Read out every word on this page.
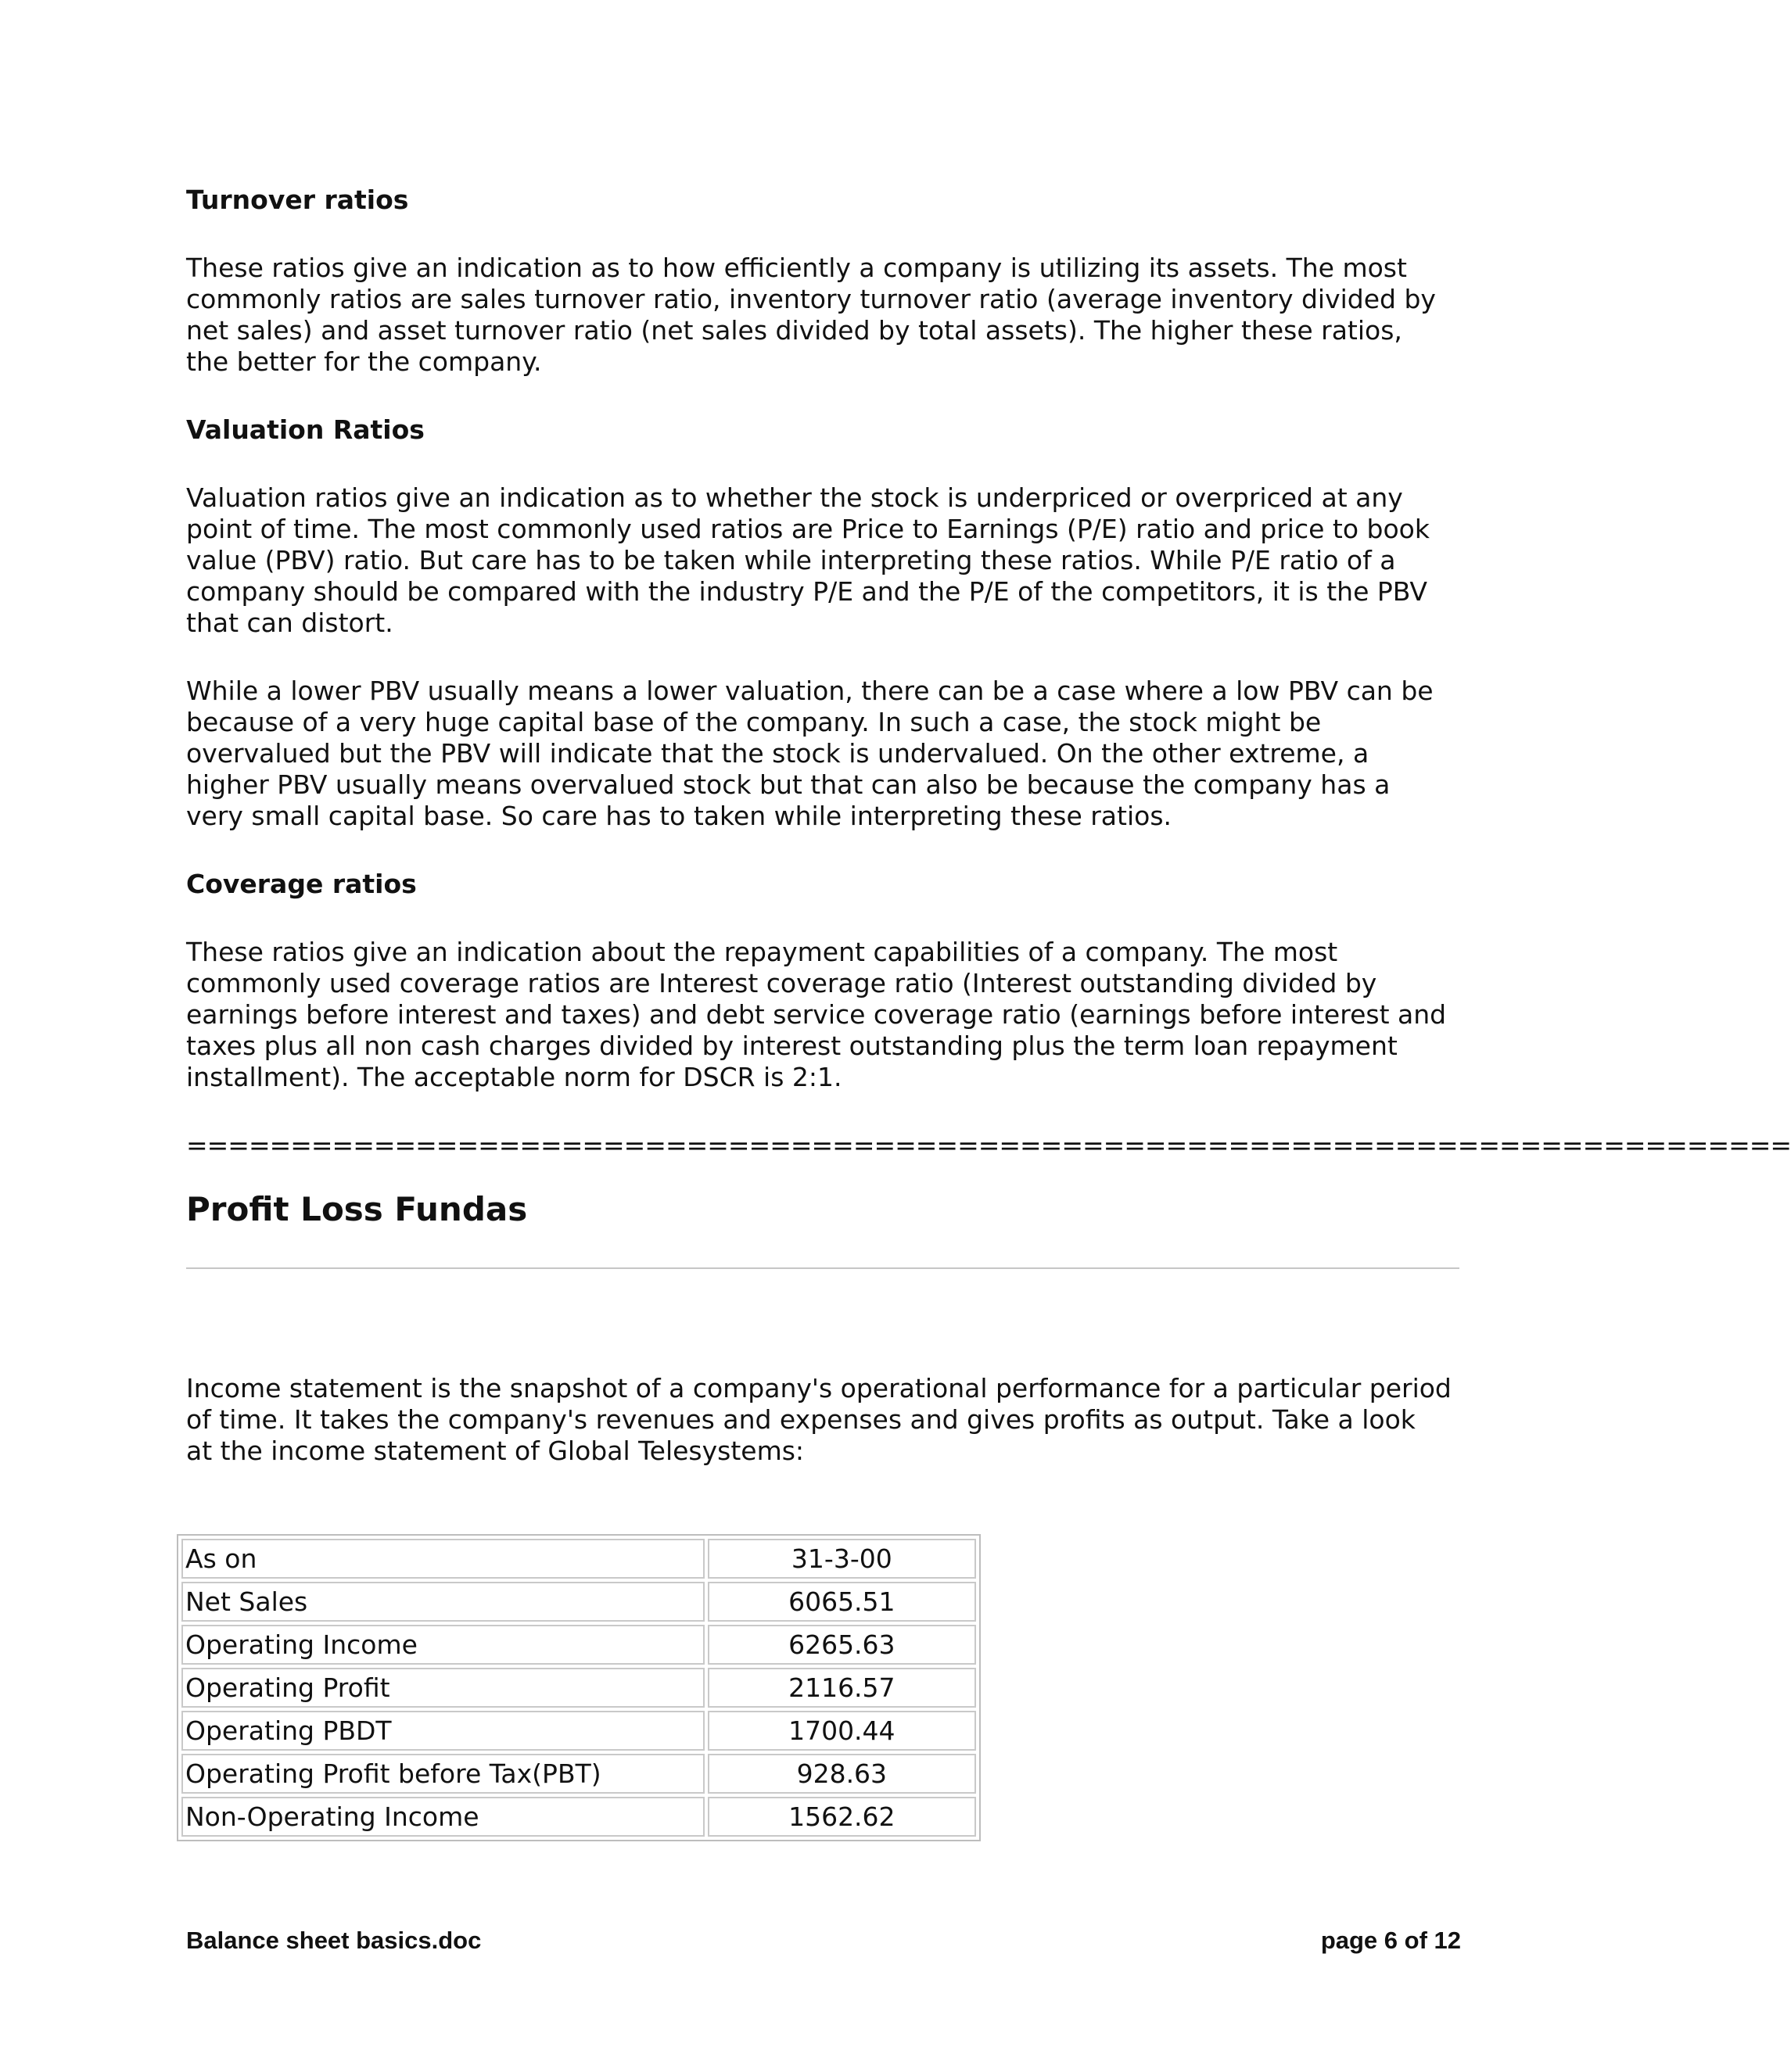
Turnover ratios
These ratios give an indication as to how efficiently a company is utilizing its assets. The most
commonly ratios are sales turnover ratio, inventory turnover ratio (average inventory divided by
net sales) and asset turnover ratio (net sales divided by total assets). The higher these ratios,
the better for the company.
Valuation Ratios
Valuation ratios give an indication as to whether the stock is underpriced or overpriced at any
point of time. The most commonly used ratios are Price to Earnings (P/E) ratio and price to book
value (PBV) ratio. But care has to be taken while interpreting these ratios. While P/E ratio of a
company should be compared with the industry P/E and the P/E of the competitors, it is the PBV
that can distort.
While a lower PBV usually means a lower valuation, there can be a case where a low PBV can be
because of a very huge capital base of the company. In such a case, the stock might be
overvalued but the PBV will indicate that the stock is undervalued. On the other extreme, a
higher PBV usually means overvalued stock but that can also be because the company has a
very small capital base. So care has to taken while interpreting these ratios.
Coverage ratios
These ratios give an indication about the repayment capabilities of a company. The most
commonly used coverage ratios are Interest coverage ratio (Interest outstanding divided by
earnings before interest and taxes) and debt service coverage ratio (earnings before interest and
taxes plus all non cash charges divided by interest outstanding plus the term loan repayment
installment). The acceptable norm for DSCR is 2:1.
=============================================================================
Profit Loss Fundas
Income statement is the snapshot of a company's operational performance for a particular period
of time. It takes the company's revenues and expenses and gives profits as output. Take a look
at the income statement of Global Telesystems:
As on	31-3-00
Net Sales	6065.51
Operating Income	6265.63
Operating Profit	2116.57
Operating PBDT	1700.44
Operating Profit before Tax(PBT)	928.63
Non-Operating Income	1562.62
Balance sheet basics.doc	page 6 of 12
